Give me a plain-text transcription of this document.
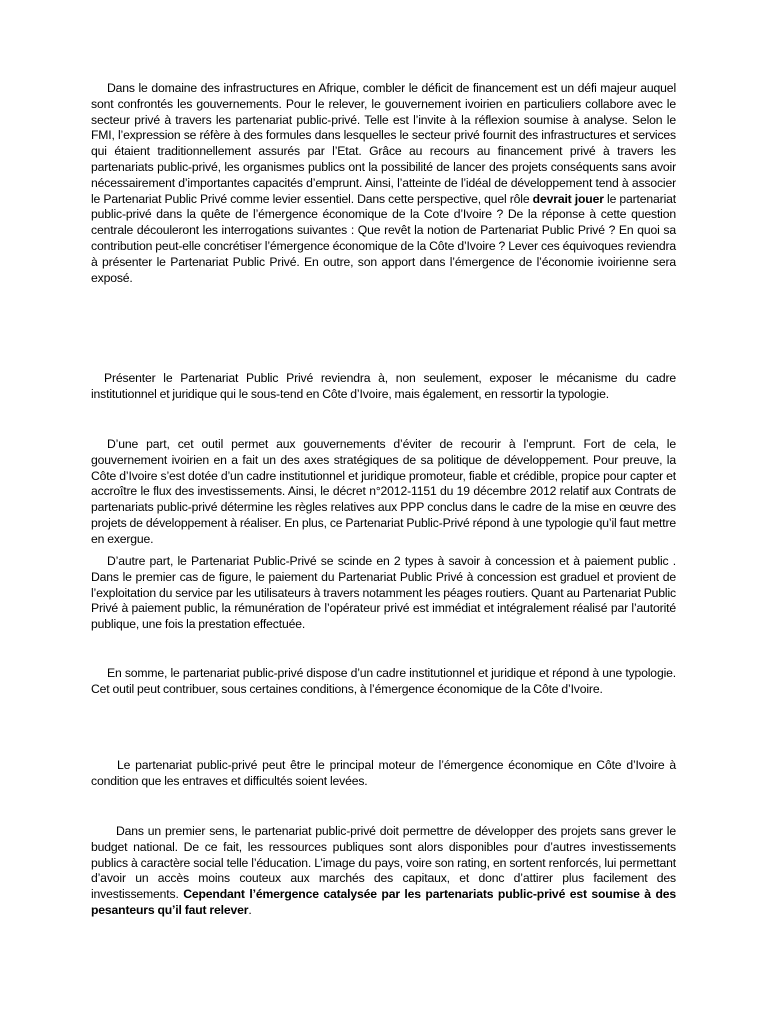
Dans le domaine des infrastructures en Afrique, combler le déficit de financement est un défi majeur auquel sont confrontés les gouvernements. Pour le relever, le gouvernement ivoirien en particuliers collabore avec le secteur privé à travers les partenariat public-privé. Telle est l’invite à la réflexion soumise à analyse. Selon le FMI, l’expression se réfère à des formules dans lesquelles le secteur privé fournit des infrastructures et services qui étaient traditionnellement assurés par l’Etat. Grâce au recours au financement privé à travers les partenariats public-privé, les organismes publics ont la possibilité de lancer des projets conséquents sans avoir nécessairement d’importantes capacités d’emprunt. Ainsi, l’atteinte de l’idéal de développement tend à associer le Partenariat Public Privé comme levier essentiel. Dans cette perspective, quel rôle devrait jouer le partenariat public-privé dans la quête de l’émergence économique de la Cote d’Ivoire ? De la réponse à cette question centrale découleront les interrogations suivantes : Que revêt la notion de Partenariat Public Privé ? En quoi sa contribution peut-elle concrétiser l’émergence économique de la Côte d’Ivoire ? Lever ces équivoques reviendra à présenter le Partenariat Public Privé. En outre, son apport dans l’émergence de l’économie ivoirienne sera exposé.

Présenter le Partenariat Public Privé reviendra à, non seulement, exposer le mécanisme du cadre institutionnel et juridique qui le sous-tend en Côte d’Ivoire, mais également, en ressortir la typologie.

D’une part, cet outil permet aux gouvernements d’éviter de recourir à l’emprunt. Fort de cela, le gouvernement ivoirien en a fait un des axes stratégiques de sa politique de développement. Pour preuve, la Côte d’Ivoire s’est dotée d’un cadre institutionnel et juridique promoteur, fiable et crédible, propice pour capter et accroître le flux des investissements. Ainsi, le décret n°2012-1151 du 19 décembre 2012 relatif aux Contrats de partenariats public-privé détermine les règles relatives aux PPP conclus dans le cadre de la mise en œuvre des projets de développement à réaliser. En plus, ce Partenariat Public-Privé répond à une typologie qu’il faut mettre en exergue.

D’autre part, le Partenariat Public-Privé se scinde en 2 types à savoir à concession et à paiement public . Dans le premier cas de figure, le paiement du Partenariat Public Privé à concession est graduel et provient de l’exploitation du service par les utilisateurs à travers notamment les péages routiers. Quant au Partenariat Public Privé à paiement public, la rémunération de l’opérateur privé est immédiat et intégralement réalisé par l’autorité publique, une fois la prestation effectuée.

En somme, le partenariat public-privé dispose d’un cadre institutionnel et juridique et répond à une typologie. Cet outil peut contribuer, sous certaines conditions, à l’émergence économique de la Côte d’Ivoire.

Le partenariat public-privé peut être le principal moteur de l’émergence économique en Côte d’Ivoire à condition que les entraves et difficultés soient levées.

Dans un premier sens, le partenariat public-privé doit permettre de développer des projets sans grever le budget national. De ce fait, les ressources publiques sont alors disponibles pour d’autres investissements publics à caractère social telle l’éducation. L’image du pays, voire son rating, en sortent renforcés, lui permettant d’avoir un accès moins couteux aux marchés des capitaux, et donc d’attirer plus facilement des investissements. Cependant l’émergence catalysée par les partenariats public-privé est soumise à des pesanteurs qu’il faut relever.
